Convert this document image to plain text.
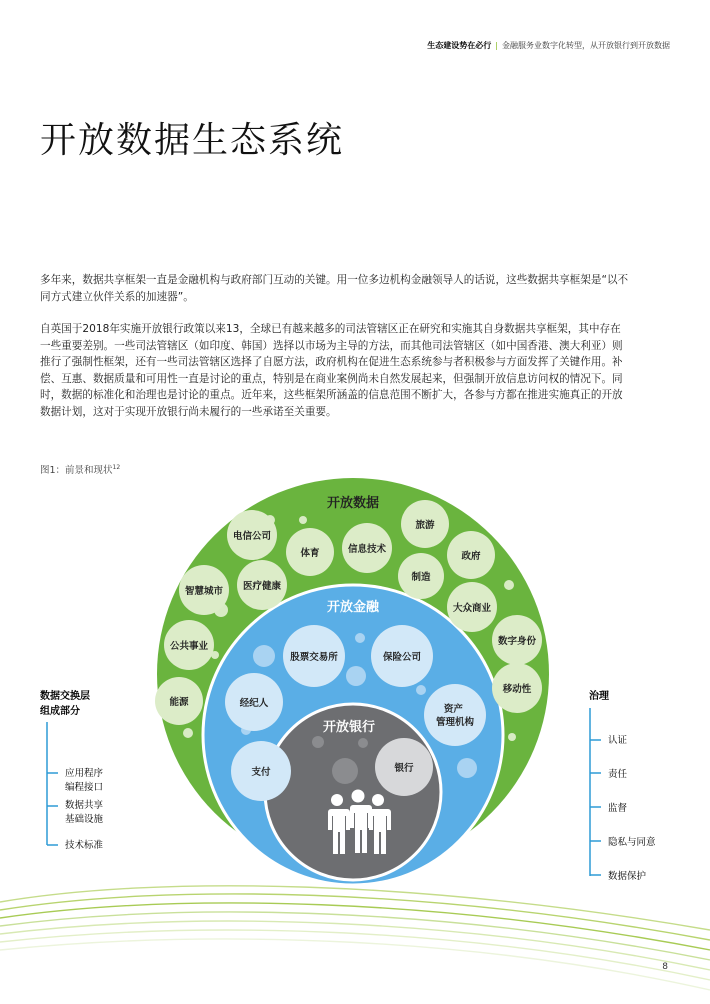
生态建设势在必行 | 金融服务业数字化转型，从开放银行到开放数据
开放数据生态系统

多年来，数据共享框架一直是金融机构与政府部门互动的关键。用一位多边机构金融领导人的话说，这些数据共享框架是“以不同方式建立伙伴关系的加速器”。

自英国于2018年实施开放银行政策以来13，全球已有越来越多的司法管辖区正在研究和实施其自身数据共享框架，其中存在一些重要差别。一些司法管辖区（如印度、韩国）选择以市场为主导的方法，而其他司法管辖区（如中国香港、澳大利亚）则推行了强制性框架，还有一些司法管辖区选择了自愿方法，政府机构在促进生态系统参与者积极参与方面发挥了关键作用。补偿、互惠、数据质量和可用性一直是讨论的重点，特别是在商业案例尚未自然发展起来，但强制开放信息访问权的情况下。同时，数据的标准化和治理也是讨论的重点。近年来，这些框架所涵盖的信息范围不断扩大，各参与方都在推进实施真正的开放数据计划，这对于实现开放银行尚未履行的一些承诺至关重要。

图1：前景和现状$^{12}$
开放数据
开放金融
开放银行
电信公司
体育	信息技术
旅游
政府
制造
智慧城市 医疗健康
大众商业
公共事业	数字身份
能源
移动性
股票交易所	保险公司
经纪人
资产 管理机构
支付	银行
数据交换层
组成部分
应用程序
编程接口
数据共享
基础设施
技术标准
治理
认证
责任
监督
隐私与同意
数据保护
8
